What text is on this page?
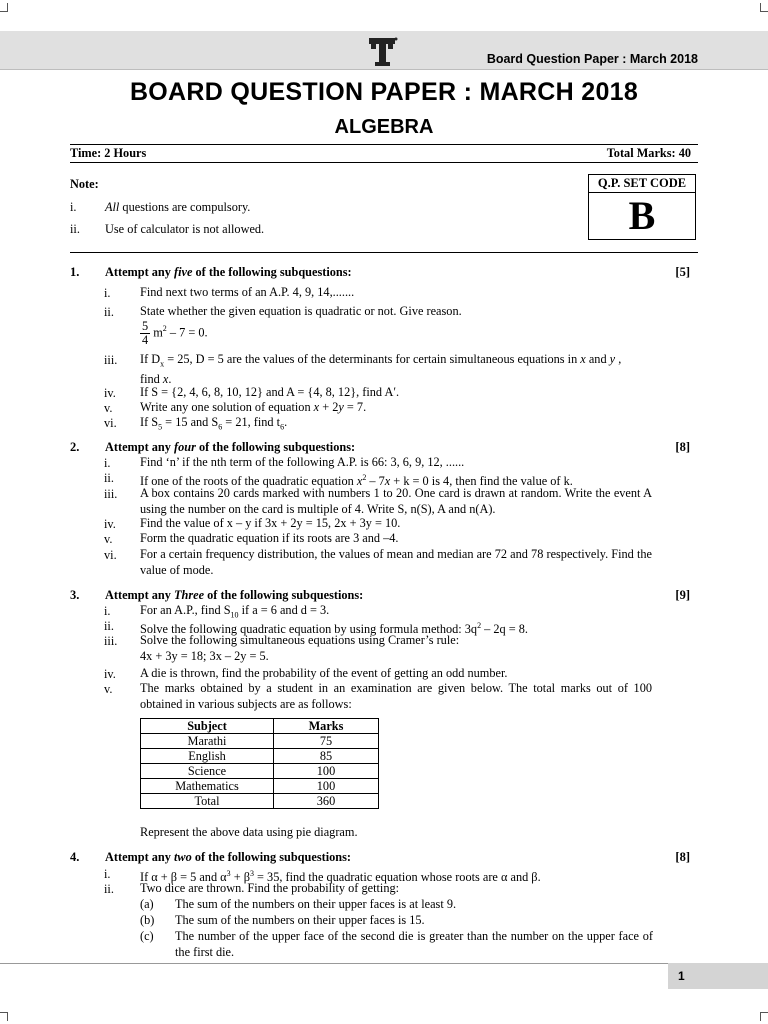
Board Question Paper : March 2018
BOARD QUESTION PAPER : MARCH 2018
ALGEBRA
Time: 2 Hours	Total Marks: 40
Note:
i. All questions are compulsory.
ii. Use of calculator is not allowed.
Q.P. SET CODE
B
1. Attempt any five of the following subquestions:	[5]
i. Find next two terms of an A.P. 4, 9, 14,.......
ii. State whether the given equation is quadratic or not. Give reason.
$\frac{5}{4} m^2 - 7 = 0$.
iii. If $D_x = 25$, D = 5 are the values of the determinants for certain simultaneous equations in x and y ,
find x.
iv. If S = {2, 4, 6, 8, 10, 12} and A = {4, 8, 12}, find A′.
v. Write any one solution of equation x + 2y = 7.
vi. If $S_5 = 15$ and $S_6 = 21$, find $t_6$.
2. Attempt any four of the following subquestions:	[8]
i. Find ‘n’ if the nth term of the following A.P. is 66: 3, 6, 9, 12, ......
ii. If one of the roots of the quadratic equation $x^2 - 7x + k = 0$ is 4, then find the value of k.
iii. A box contains 20 cards marked with numbers 1 to 20. One card is drawn at random. Write the event A using the number on the card is multiple of 4. Write S, n(S), A and n(A).
iv. Find the value of x – y if 3x + 2y = 15, 2x + 3y = 10.
v. Form the quadratic equation if its roots are 3 and –4.
vi. For a certain frequency distribution, the values of mean and median are 72 and 78 respectively. Find the value of mode.
3. Attempt any Three of the following subquestions:	[9]
i. For an A.P., find $S_{10}$ if a = 6 and d = 3.
ii. Solve the following quadratic equation by using formula method: $3q^2 - 2q = 8$.
iii. Solve the following simultaneous equations using Cramer’s rule:
4x + 3y = 18; 3x – 2y = 5.
iv. A die is thrown, find the probability of the event of getting an odd number.
v. The marks obtained by a student in an examination are given below. The total marks out of 100 obtained in various subjects are as follows:
Subject	Marks
Marathi	75
English	85
Science	100
Mathematics	100
Total	360
Represent the above data using pie diagram.
4. Attempt any two of the following subquestions:	[8]
i. If α + β = 5 and $\alpha^3 + \beta^3 = 35$, find the quadratic equation whose roots are α and β.
ii. Two dice are thrown. Find the probability of getting:
(a) The sum of the numbers on their upper faces is at least 9.
(b) The sum of the numbers on their upper faces is 15.
(c) The number of the upper face of the second die is greater than the number on the upper face of the first die.
1
